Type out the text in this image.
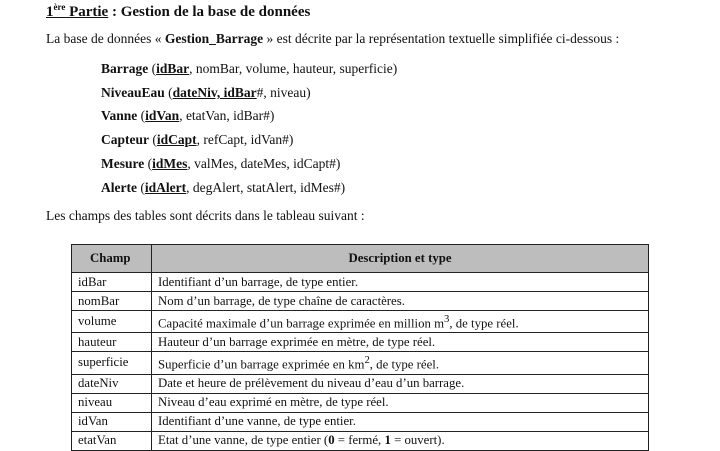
1ère Partie : Gestion de la base de données
La base de données « Gestion_Barrage » est décrite par la représentation textuelle simplifiée ci-dessous :
Barrage (idBar, nomBar, volume, hauteur, superficie)
NiveauEau (dateNiv, idBar#, niveau)
Vanne (idVan, etatVan, idBar#)
Capteur (idCapt, refCapt, idVan#)
Mesure (idMes, valMes, dateMes, idCapt#)
Alerte (idAlert, degAlert, statAlert, idMes#)
Les champs des tables sont décrits dans le tableau suivant :
Champ	Description et type
idBar	Identifiant d’un barrage, de type entier.
nomBar	Nom d’un barrage, de type chaîne de caractères.
volume	Capacité maximale d’un barrage exprimée en million $m^3$, de type réel.
hauteur	Hauteur d’un barrage exprimée en mètre, de type réel.
superficie	Superficie d’un barrage exprimée en $km^2$, de type réel.
dateNiv	Date et heure de prélèvement du niveau d’eau d’un barrage.
niveau	Niveau d’eau exprimé en mètre, de type réel.
idVan	Identifiant d’une vanne, de type entier.
etatVan	Etat d’une vanne, de type entier (0 = fermé, 1 = ouvert).
